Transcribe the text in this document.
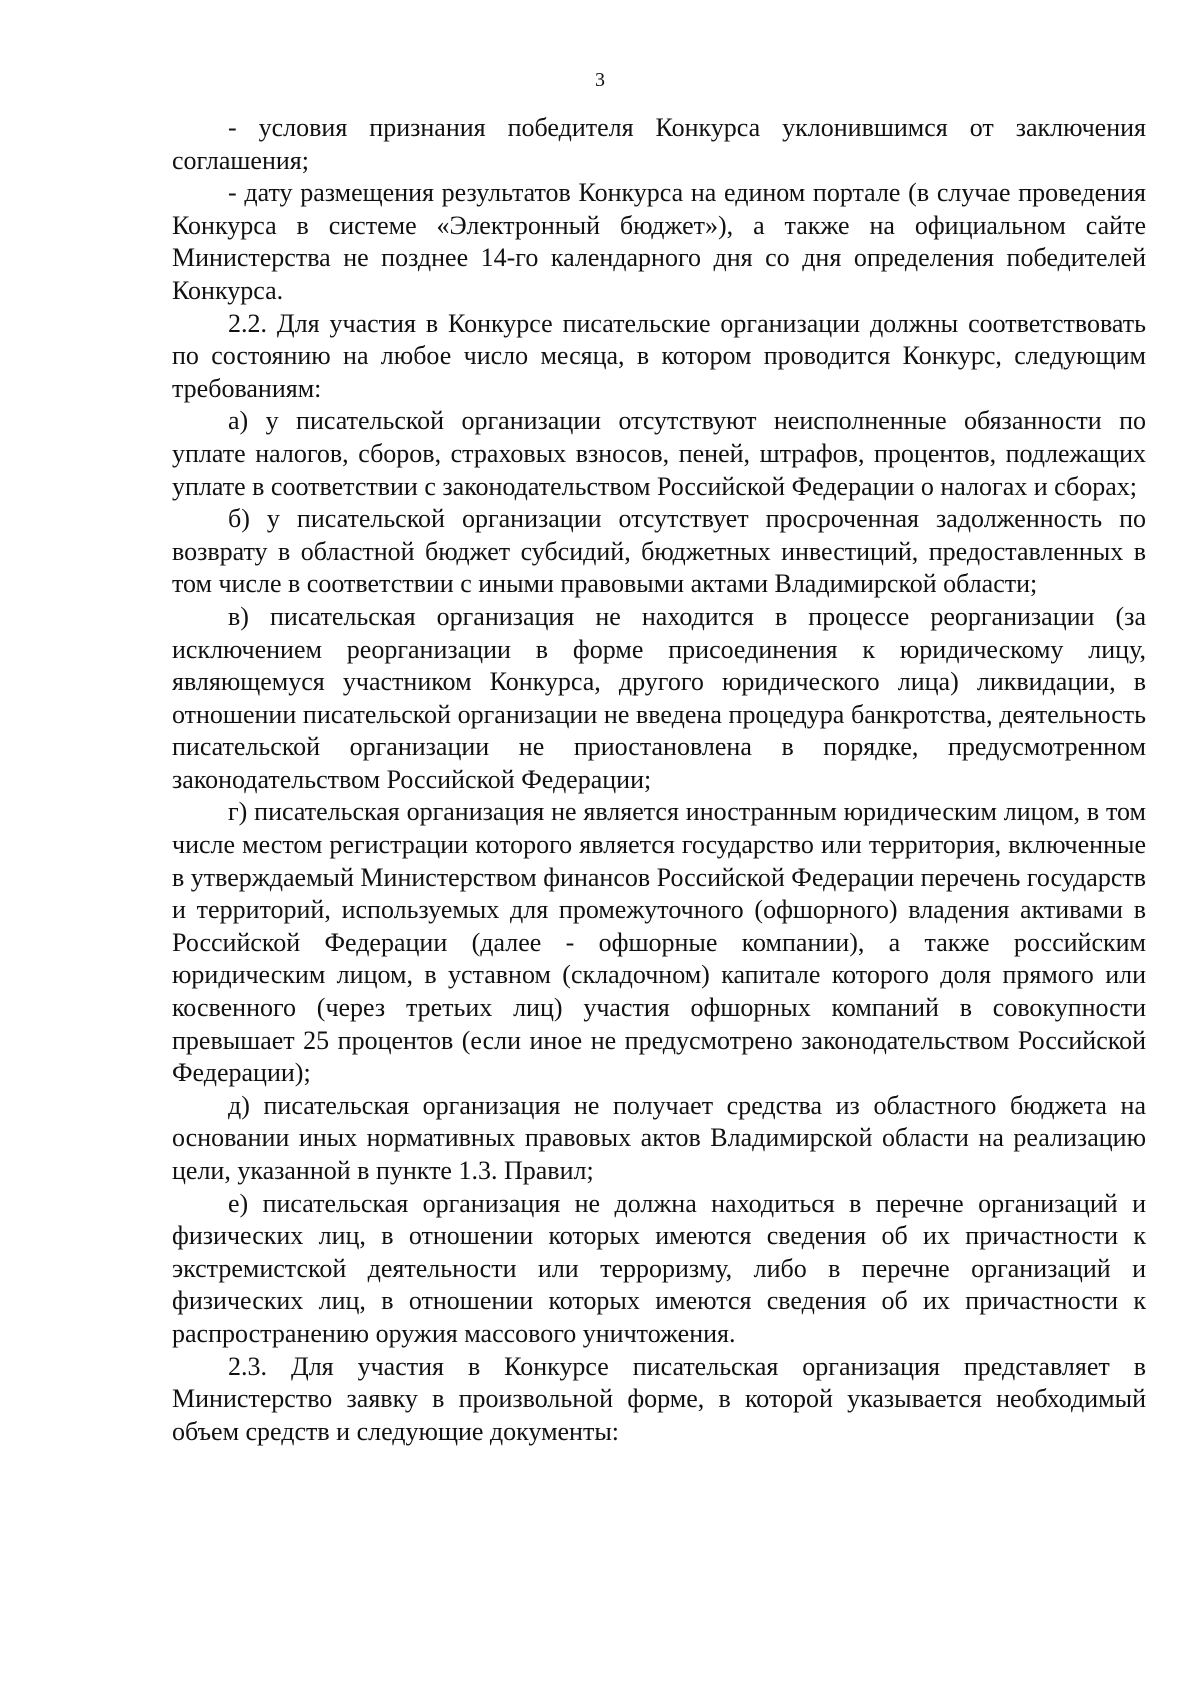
3

- условия признания победителя Конкурса уклонившимся от заключения соглашения;

- дату размещения результатов Конкурса на едином портале (в случае проведения Конкурса в системе «Электронный бюджет»), а также на официальном сайте Министерства не позднее 14-го календарного дня со дня определения победителей Конкурса.

2.2. Для участия в Конкурсе писательские организации должны соответствовать по состоянию на любое число месяца, в котором проводится Конкурс, следующим требованиям:

а) у писательской организации отсутствуют неисполненные обязанности по уплате налогов, сборов, страховых взносов, пеней, штрафов, процентов, подлежащих уплате в соответствии с законодательством Российской Федерации о налогах и сборах;

б) у писательской организации отсутствует просроченная задолженность по возврату в областной бюджет субсидий, бюджетных инвестиций, предоставленных в том числе в соответствии с иными правовыми актами Владимирской области;

в) писательская организация не находится в процессе реорганизации (за исключением реорганизации в форме присоединения к юридическому лицу, являющемуся участником Конкурса, другого юридического лица) ликвидации, в отношении писательской организации не введена процедура банкротства, деятельность писательской организации не приостановлена в порядке, предусмотренном законодательством Российской Федерации;

г) писательская организация не является иностранным юридическим лицом, в том числе местом регистрации которого является государство или территория, включенные в утверждаемый Министерством финансов Российской Федерации перечень государств и территорий, используемых для промежуточного (офшорного) владения активами в Российской Федерации (далее - офшорные компании), а также российским юридическим лицом, в уставном (складочном) капитале которого доля прямого или косвенного (через третьих лиц) участия офшорных компаний в совокупности превышает 25 процентов (если иное не предусмотрено законодательством Российской Федерации);

д) писательская организация не получает средства из областного бюджета на основании иных нормативных правовых актов Владимирской области на реализацию цели, указанной в пункте 1.3. Правил;

е) писательская организация не должна находиться в перечне организаций и физических лиц, в отношении которых имеются сведения об их причастности к экстремистской деятельности или терроризму, либо в перечне организаций и физических лиц, в отношении которых имеются сведения об их причастности к распространению оружия массового уничтожения.

2.3. Для участия в Конкурсе писательская организация представляет в Министерство заявку в произвольной форме, в которой указывается необходимый объем средств и следующие документы:
